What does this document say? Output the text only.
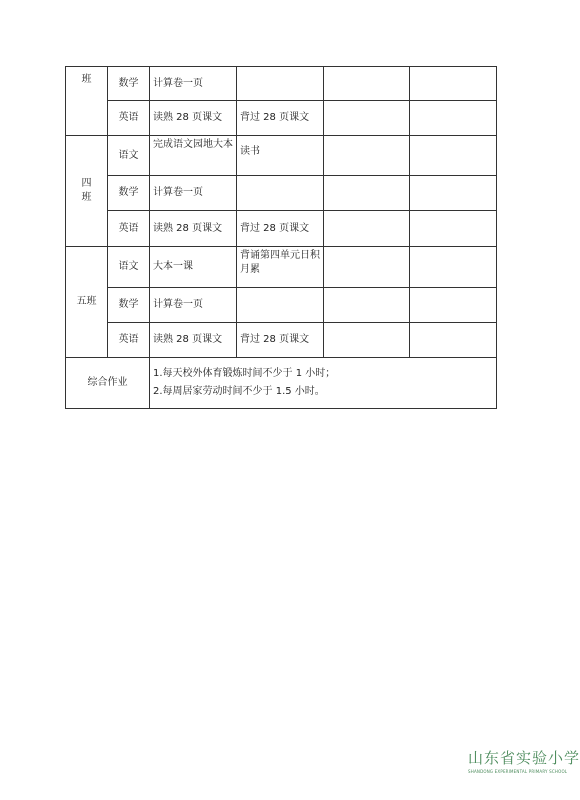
班	数学	计算卷一页			
	英语	读熟 28 页课文	背过 28 页课文		

四
班	语文	完成语文园地大本	读书		
	数学	计算卷一页			
	英语	读熟 28 页课文	背过 28 页课文		
五班	语文	大本一课	背诵第四单元日积月累		
	数学	计算卷一页			
	英语	读熟 28 页课文	背过 28 页课文		
综合作业		1.每天校外体育锻炼时间不少于 1 小时；
2.每周居家劳动时间不少于 1.5 小时。			
山东省实验小学
SHANDONG EXPERIMENTAL PRIMARY SCHOOL
